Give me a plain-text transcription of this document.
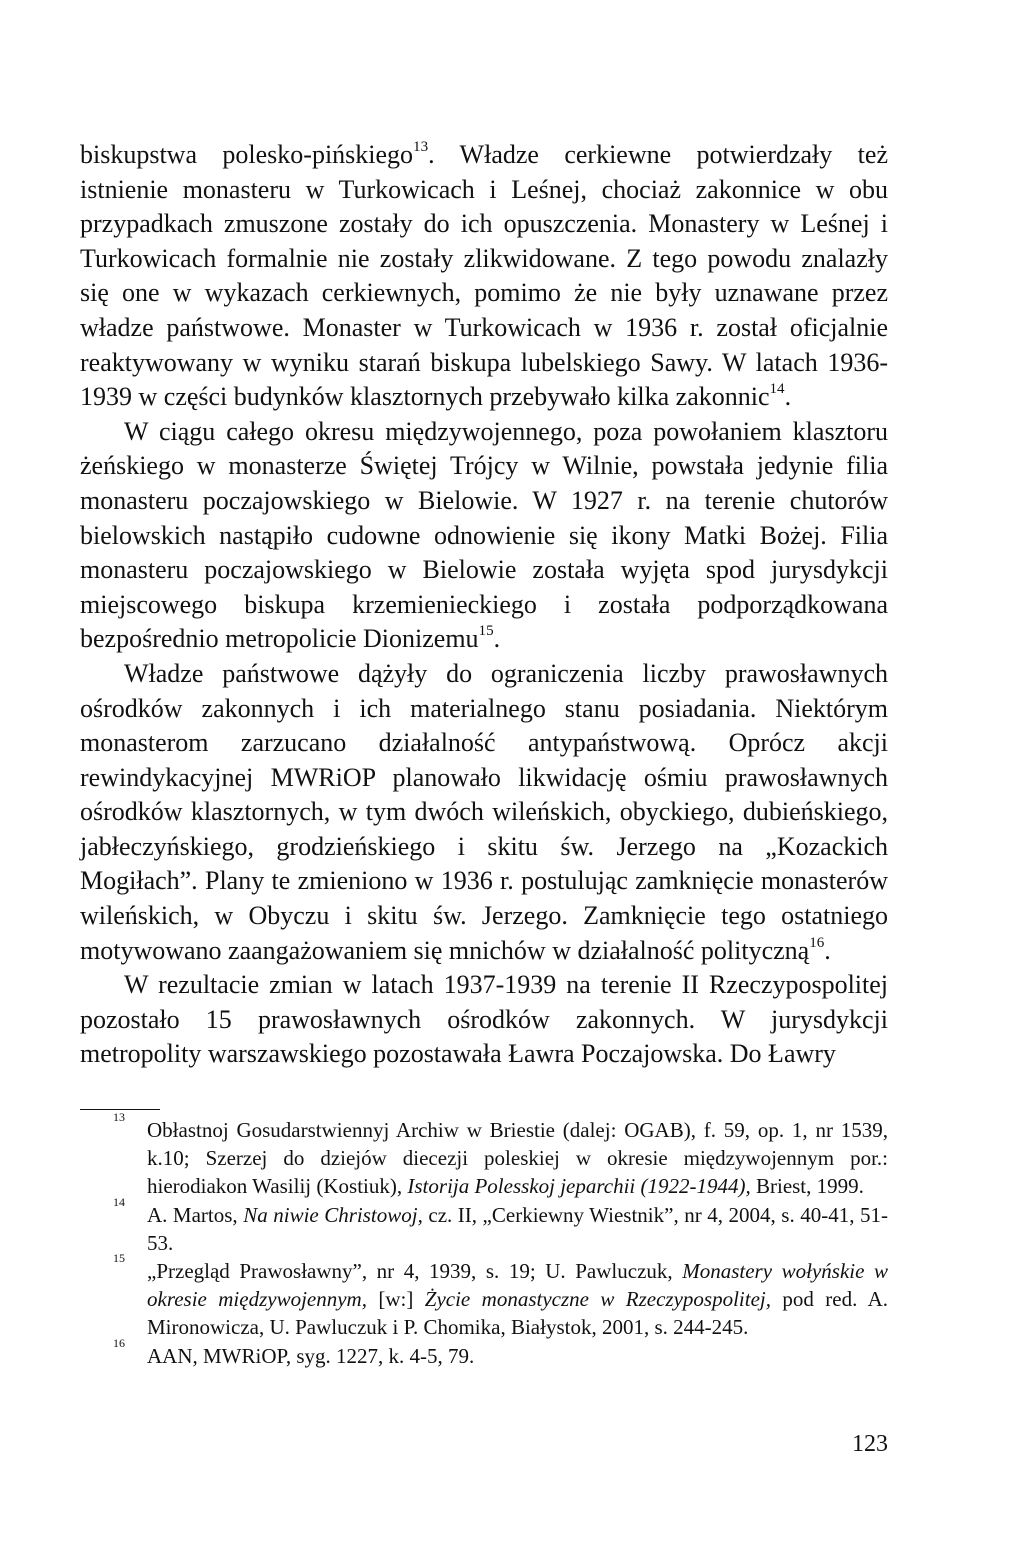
biskupstwa polesko-pińskiego$^{13}$. Władze cerkiewne potwierdzały też istnienie monasteru w Turkowicach i Leśnej, chociaż zakonnice w obu przypadkach zmuszone zostały do ich opuszczenia. Monastery w Leśnej i Turkowicach formalnie nie zostały zlikwidowane. Z tego powodu znalazły się one w wykazach cerkiewnych, pomimo że nie były uznawane przez władze państwowe. Monaster w Turkowicach w 1936 r. został oficjalnie reaktywowany w wyniku starań biskupa lubelskiego Sawy. W latach 1936-1939 w części budynków klasztornych przebywało kilka zakonnic$^{14}$.

W ciągu całego okresu międzywojennego, poza powołaniem klasztoru żeńskiego w monasterze Świętej Trójcy w Wilnie, powstała jedynie filia monasteru poczajowskiego w Bielowie. W 1927 r. na terenie chutorów bielowskich nastąpiło cudowne odnowienie się ikony Matki Bożej. Filia monasteru poczajowskiego w Bielowie została wyjęta spod jurysdykcji miejscowego biskupa krzemienieckiego i została podporządkowana bezpośrednio metropolicie Dionizemu$^{15}$.

Władze państwowe dążyły do ograniczenia liczby prawosławnych ośrodków zakonnych i ich materialnego stanu posiadania. Niektórym monasterom zarzucano działalność antypaństwową. Oprócz akcji rewindykacyjnej MWRiOP planowało likwidację ośmiu prawosławnych ośrodków klasztornych, w tym dwóch wileńskich, obyckiego, dubieńskiego, jabłeczyńskiego, grodzieńskiego i skitu św. Jerzego na „Kozackich Mogiłach”. Plany te zmieniono w 1936 r. postulując zamknięcie monasterów wileńskich, w Obyczu i skitu św. Jerzego. Zamknięcie tego ostatniego motywowano zaangażowaniem się mnichów w działalność polityczną$^{16}$.

W rezultacie zmian w latach 1937-1939 na terenie II Rzeczypospolitej pozostało 15 prawosławnych ośrodków zakonnych. W jurysdykcji metropolity warszawskiego pozostawała Ławra Poczajowska. Do Ławry

13
Obłastnoj Gosudarstwiennyj Archiw w Briestie (dalej: OGAB), f. 59, op. 1, nr 1539, k.10; Szerzej do dziejów diecezji poleskiej w okresie międzywojennym por.: hierodiakon Wasilij (Kostiuk), Istorija Polesskoj jeparchii (1922-1944), Briest, 1999.
14
A. Martos, Na niwie Christowoj, cz. II, „Cerkiewny Wiestnik”, nr 4, 2004, s. 40-41, 51-53.
15
„Przegląd Prawosławny”, nr 4, 1939, s. 19; U. Pawluczuk, Monastery wołyńskie w okresie międzywojennym, [w:] Życie monastyczne w Rzeczypospolitej, pod red. A. Mironowicza, U. Pawluczuk i P. Chomika, Białystok, 2001, s. 244-245.
16
AAN, MWRiOP, syg. 1227, k. 4-5, 79.
123
